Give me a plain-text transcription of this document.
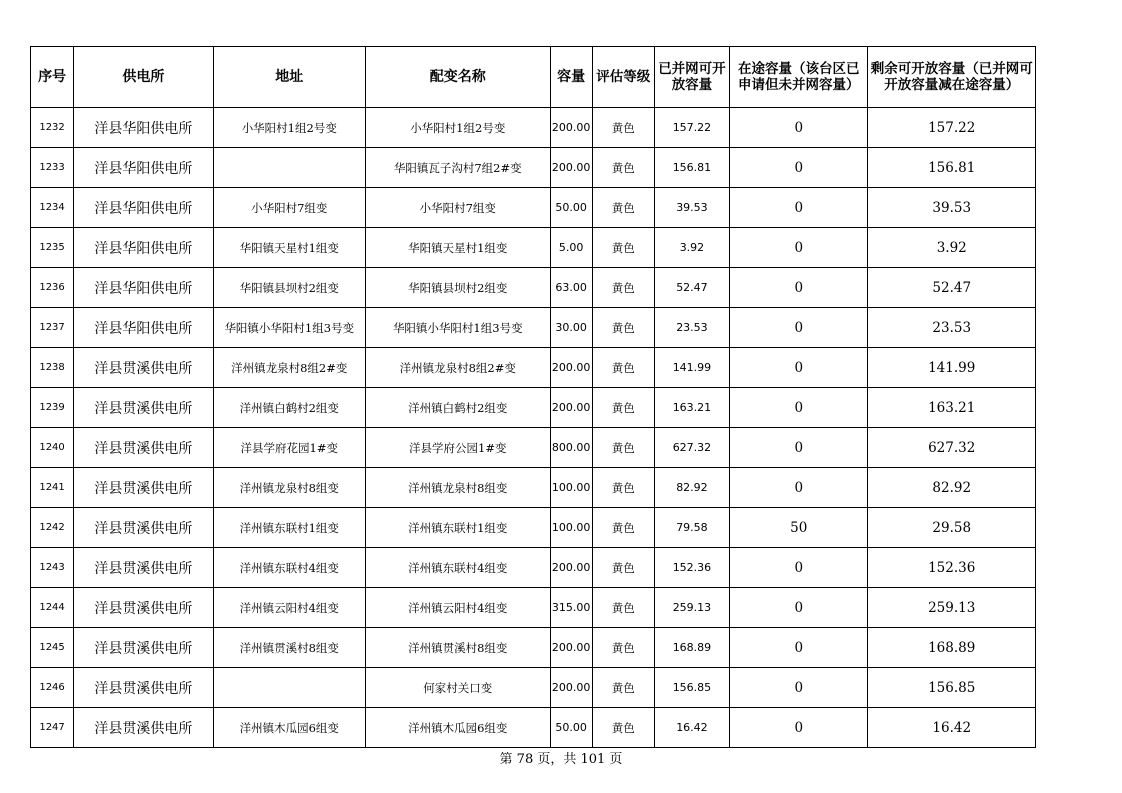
序号	供电所	地址	配变名称	容量	评估等级	已并网可开放容量	在途容量（该台区已申请但未并网容量）	剩余可开放容量（已并网可开放容量减在途容量）
1232	洋县华阳供电所	小华阳村1组2号变	小华阳村1组2号变	200.00	黄色	157.22	0	157.22
1233	洋县华阳供电所		华阳镇瓦子沟村7组2#变	200.00	黄色	156.81	0	156.81
1234	洋县华阳供电所	小华阳村7组变	小华阳村7组变	50.00	黄色	39.53	0	39.53
1235	洋县华阳供电所	华阳镇天星村1组变	华阳镇天星村1组变	5.00	黄色	3.92	0	3.92
1236	洋县华阳供电所	华阳镇县坝村2组变	华阳镇县坝村2组变	63.00	黄色	52.47	0	52.47
1237	洋县华阳供电所	华阳镇小华阳村1组3号变	华阳镇小华阳村1组3号变	30.00	黄色	23.53	0	23.53
1238	洋县贯溪供电所	洋州镇龙泉村8组2#变	洋州镇龙泉村8组2#变	200.00	黄色	141.99	0	141.99
1239	洋县贯溪供电所	洋州镇白鹤村2组变	洋州镇白鹤村2组变	200.00	黄色	163.21	0	163.21
1240	洋县贯溪供电所	洋县学府花园1#变	洋县学府公园1#变	800.00	黄色	627.32	0	627.32
1241	洋县贯溪供电所	洋州镇龙泉村8组变	洋州镇龙泉村8组变	100.00	黄色	82.92	0	82.92
1242	洋县贯溪供电所	洋州镇东联村1组变	洋州镇东联村1组变	100.00	黄色	79.58	50	29.58
1243	洋县贯溪供电所	洋州镇东联村4组变	洋州镇东联村4组变	200.00	黄色	152.36	0	152.36
1244	洋县贯溪供电所	洋州镇云阳村4组变	洋州镇云阳村4组变	315.00	黄色	259.13	0	259.13
1245	洋县贯溪供电所	洋州镇贯溪村8组变	洋州镇贯溪村8组变	200.00	黄色	168.89	0	168.89
1246	洋县贯溪供电所		何家村关口变	200.00	黄色	156.85	0	156.85
1247	洋县贯溪供电所	洋州镇木瓜园6组变	洋州镇木瓜园6组变	50.00	黄色	16.42	0	16.42
第 78 页，共 101 页
